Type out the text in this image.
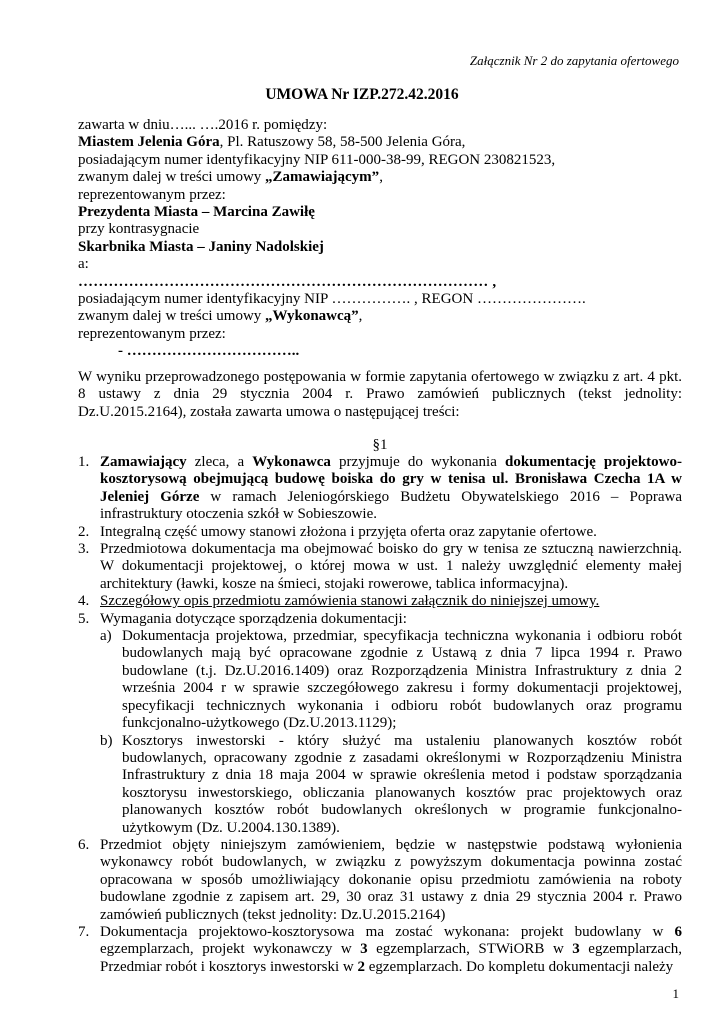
Załącznik Nr 2 do zapytania ofertowego
UMOWA Nr IZP.272.42.2016
zawarta w dniu…... ….2016 r. pomiędzy:
Miastem Jelenia Góra, Pl. Ratuszowy 58, 58-500 Jelenia Góra,
posiadającym numer identyfikacyjny NIP 611-000-38-99, REGON 230821523,
zwanym dalej w treści umowy „Zamawiającym”,
reprezentowanym przez:
Prezydenta Miasta – Marcina Zawiłę
przy kontrasygnacie
Skarbnika Miasta – Janiny Nadolskiej
a:
……………………………………………………………………… ,
posiadającym numer identyfikacyjny NIP ……………. , REGON ………………….
zwanym dalej w treści umowy „Wykonawcą”,
reprezentowanym przez:
- ……………………………..
W wyniku przeprowadzonego postępowania w formie zapytania ofertowego w związku z art. 4 pkt. 8 ustawy z dnia 29 stycznia 2004 r. Prawo zamówień publicznych (tekst jednolity: Dz.U.2015.2164), została zawarta umowa o następującej treści:
§1
1. Zamawiający zleca, a Wykonawca przyjmuje do wykonania dokumentację projektowo-kosztorysową obejmującą budowę boiska do gry w tenisa ul. Bronisława Czecha 1A w Jeleniej Górze w ramach Jeleniogórskiego Budżetu Obywatelskiego 2016 – Poprawa infrastruktury otoczenia szkół w Sobieszowie.
2. Integralną część umowy stanowi złożona i przyjęta oferta oraz zapytanie ofertowe.
3. Przedmiotowa dokumentacja ma obejmować boisko do gry w tenisa ze sztuczną nawierzchnią. W dokumentacji projektowej, o której mowa w ust. 1 należy uwzględnić elementy małej architektury (ławki, kosze na śmieci, stojaki rowerowe, tablica informacyjna).
4. Szczegółowy opis przedmiotu zamówienia stanowi załącznik do niniejszej umowy.
5. Wymagania dotyczące sporządzenia dokumentacji:
a) Dokumentacja projektowa, przedmiar, specyfikacja techniczna wykonania i odbioru robót budowlanych mają być opracowane zgodnie z Ustawą z dnia 7 lipca 1994 r. Prawo budowlane (t.j. Dz.U.2016.1409) oraz Rozporządzenia Ministra Infrastruktury z dnia 2 września 2004 r w sprawie szczegółowego zakresu i formy dokumentacji projektowej, specyfikacji technicznych wykonania i odbioru robót budowlanych oraz programu funkcjonalno-użytkowego (Dz.U.2013.1129);
b) Kosztorys inwestorski - który służyć ma ustaleniu planowanych kosztów robót budowlanych, opracowany zgodnie z zasadami określonymi w Rozporządzeniu Ministra Infrastruktury z dnia 18 maja 2004 w sprawie określenia metod i podstaw sporządzania kosztorysu inwestorskiego, obliczania planowanych kosztów prac projektowych oraz planowanych kosztów robót budowlanych określonych w programie funkcjonalno-użytkowym (Dz. U.2004.130.1389).
6. Przedmiot objęty niniejszym zamówieniem, będzie w następstwie podstawą wyłonienia wykonawcy robót budowlanych, w związku z powyższym dokumentacja powinna zostać opracowana w sposób umożliwiający dokonanie opisu przedmiotu zamówienia na roboty budowlane zgodnie z zapisem art. 29, 30 oraz 31 ustawy z dnia 29 stycznia 2004 r. Prawo zamówień publicznych (tekst jednolity: Dz.U.2015.2164)
7. Dokumentacja projektowo-kosztorysowa ma zostać wykonana: projekt budowlany w 6 egzemplarzach, projekt wykonawczy w 3 egzemplarzach, STWiORB w 3 egzemplarzach, Przedmiar robót i kosztorys inwestorski w 2 egzemplarzach. Do kompletu dokumentacji należy
1
